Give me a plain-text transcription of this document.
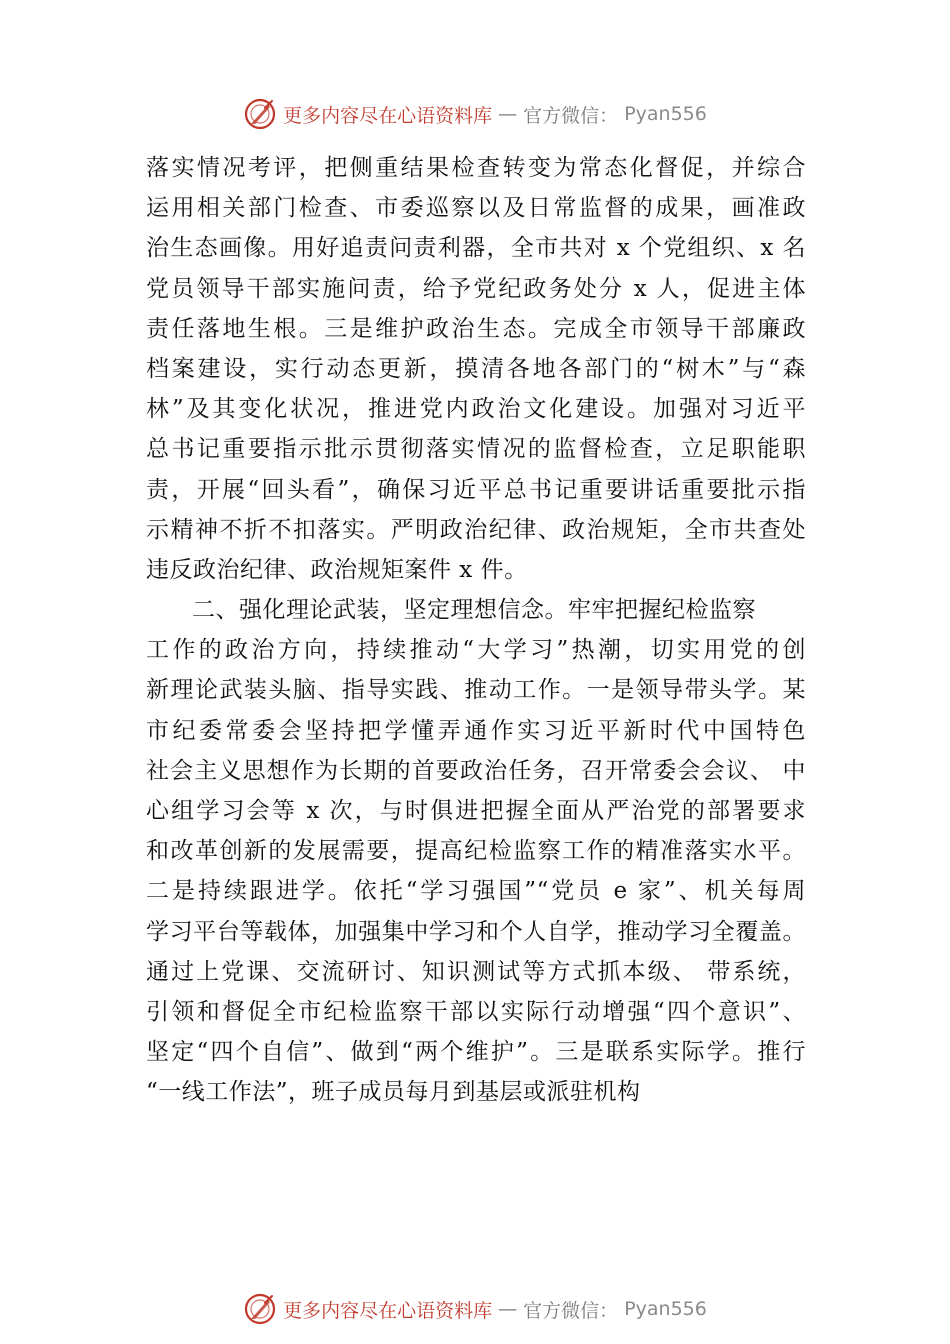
更多内容尽在心语资料库 — 官方微信： Pyan556
落实情况考评，把侧重结果检查转变为常态化督促，并综合
运用相关部门检查、市委巡察以及日常监督的成果，画准政
治生态画像。用好追责问责利器，全市共对 x 个党组织、x 名
党员领导干部实施问责，给予党纪政务处分 x 人，促进主体
责任落地生根。三是维护政治生态。完成全市领导干部廉政
档案建设，实行动态更新，摸清各地各部门的“树木”与“森
林”及其变化状况，推进党内政治文化建设。加强对习近平
总书记重要指示批示贯彻落实情况的监督检查，立足职能职
责，开展“回头看”，确保习近平总书记重要讲话重要批示指
示精神不折不扣落实。严明政治纪律、政治规矩，全市共查处
违反政治纪律、政治规矩案件 x 件。
二、强化理论武装，坚定理想信念。牢牢把握纪检监察
工作的政治方向，持续推动“大学习”热潮，切实用党的创
新理论武装头脑、指导实践、推动工作。一是领导带头学。某
市纪委常委会坚持把学懂弄通作实习近平新时代中国特色
社会主义思想作为长期的首要政治任务，召开常委会会议、 中
心组学习会等 x 次，与时俱进把握全面从严治党的部署要求
和改革创新的发展需要，提高纪检监察工作的精准落实水平。
二是持续跟进学。依托“学习强国”“党员 e 家”、机关每周
学习平台等载体，加强集中学习和个人自学，推动学习全覆盖。
通过上党课、交流研讨、知识测试等方式抓本级、 带系统，
引领和督促全市纪检监察干部以实际行动增强“四个意识”、
坚定“四个自信”、做到“两个维护”。三是联系实际学。推行
“一线工作法”，班子成员每月到基层或派驻机构
更多内容尽在心语资料库 — 官方微信： Pyan556
